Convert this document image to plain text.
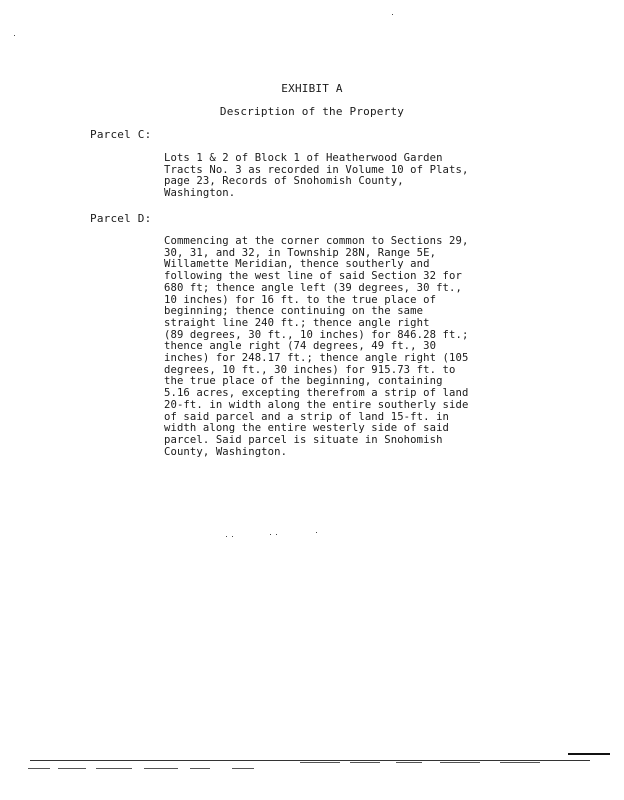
EXHIBIT A
Description of the Property
Parcel C:
Lots 1 & 2 of Block 1 of Heatherwood Garden
Tracts No. 3 as recorded in Volume 10 of Plats,
page 23, Records of Snohomish County,
Washington.
Parcel D:
Commencing at the corner common to Sections 29,
30, 31, and 32, in Township 28N, Range 5E,
Willamette Meridian, thence southerly and
following the west line of said Section 32 for
680 ft; thence angle left (39 degrees, 30 ft.,
10 inches) for 16 ft. to the true place of
beginning; thence continuing on the same
straight line 240 ft.; thence angle right
(89 degrees, 30 ft., 10 inches) for 846.28 ft.;
thence angle right (74 degrees, 49 ft., 30
inches) for 248.17 ft.; thence angle right (105
degrees, 10 ft., 30 inches) for 915.73 ft. to
the true place of the beginning, containing
5.16 acres, excepting therefrom a strip of land
20-ft. in width along the entire southerly side
of said parcel and a strip of land 15-ft. in
width along the entire westerly side of said
parcel. Said parcel is situate in Snohomish
County, Washington.
